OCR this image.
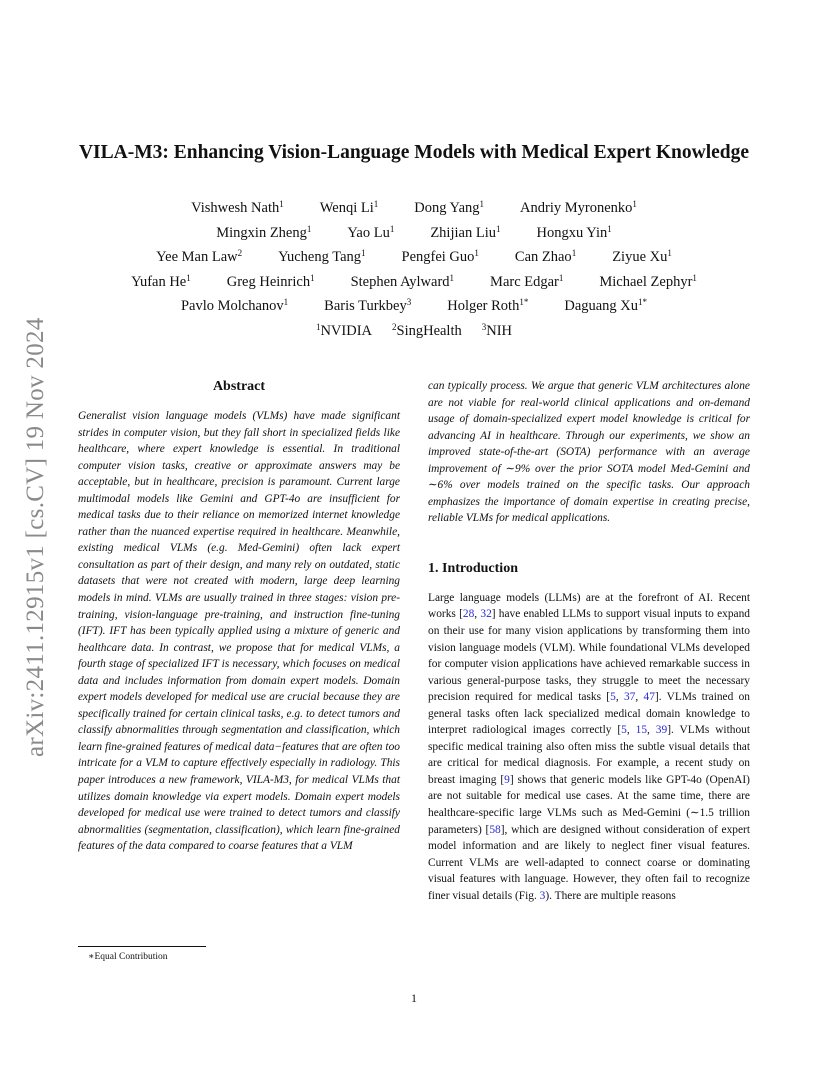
arXiv:2411.12915v1 [cs.CV] 19 Nov 2024
VILA-M3: Enhancing Vision-Language Models with Medical Expert Knowledge
Vishwesh Nath$^1$ Wenqi Li$^1$ Dong Yang$^1$ Andriy Myronenko$^1$
Mingxin Zheng$^1$ Yao Lu$^1$ Zhijian Liu$^1$ Hongxu Yin$^1$
Yee Man Law$^2$ Yucheng Tang$^1$ Pengfei Guo$^1$ Can Zhao$^1$ Ziyue Xu$^1$
Yufan He$^1$ Greg Heinrich$^1$ Stephen Aylward$^1$ Marc Edgar$^1$ Michael Zephyr$^1$
Pavlo Molchanov$^1$ Baris Turkbey$^3$ Holger Roth$^{1*}$ Daguang $Xu^{1*}$
$^1$NVIDIA $^2$SingHealth $^3$NIH
Abstract

Generalist vision language models (VLMs) have made significant strides in computer vision, but they fall short in specialized fields like healthcare, where expert knowledge is essential. In traditional computer vision tasks, creative or approximate answers may be acceptable, but in healthcare, precision is paramount. Current large multimodal models like Gemini and GPT-4o are insufficient for medical tasks due to their reliance on memorized internet knowledge rather than the nuanced expertise required in healthcare. Meanwhile, existing medical VLMs (e.g. Med-Gemini) often lack expert consultation as part of their design, and many rely on outdated, static datasets that were not created with modern, large deep learning models in mind. VLMs are usually trained in three stages: vision pre-training, vision-language pre-training, and instruction fine-tuning (IFT). IFT has been typically applied using a mixture of generic and healthcare data. In contrast, we propose that for medical VLMs, a fourth stage of specialized IFT is necessary, which focuses on medical data and includes information from domain expert models. Domain expert models developed for medical use are crucial because they are specifically trained for certain clinical tasks, e.g. to detect tumors and classify abnormalities through segmentation and classification, which learn fine-grained features of medical data−features that are often too intricate for a VLM to capture effectively especially in radiology. This paper introduces a new framework, VILA-M3, for medical VLMs that utilizes domain knowledge via expert models. Domain expert models developed for medical use were trained to detect tumors and classify abnormalities (segmentation, classification), which learn fine-grained features of the data compared to coarse features that a VLM

can typically process. We argue that generic VLM architectures alone are not viable for real-world clinical applications and on-demand usage of domain-specialized expert model knowledge is critical for advancing AI in healthcare. Through our experiments, we show an improved state-of-the-art (SOTA) performance with an average improvement of ∼9% over the prior SOTA model Med-Gemini and ∼6% over models trained on the specific tasks. Our approach emphasizes the importance of domain expertise in creating precise, reliable VLMs for medical applications.

1. Introduction

Large language models (LLMs) are at the forefront of AI. Recent works [28, 32] have enabled LLMs to support visual inputs to expand on their use for many vision applications by transforming them into vision language models (VLM). While foundational VLMs developed for computer vision applications have achieved remarkable success in various general-purpose tasks, they struggle to meet the necessary precision required for medical tasks [5, 37, 47]. VLMs trained on general tasks often lack specialized medical domain knowledge to interpret radiological images correctly [5, 15, 39]. VLMs without specific medical training also often miss the subtle visual details that are critical for medical diagnosis. For example, a recent study on breast imaging [9] shows that generic models like GPT-4o (OpenAI) are not suitable for medical use cases. At the same time, there are healthcare-specific large VLMs such as Med-Gemini (∼1.5 trillion parameters) [58], which are designed without consideration of expert model information and are likely to neglect finer visual features. Current VLMs are well-adapted to connect coarse or dominating visual features with language. However, they often fail to recognize finer visual details (Fig. 3). There are multiple reasons

∗Equal Contribution
1
